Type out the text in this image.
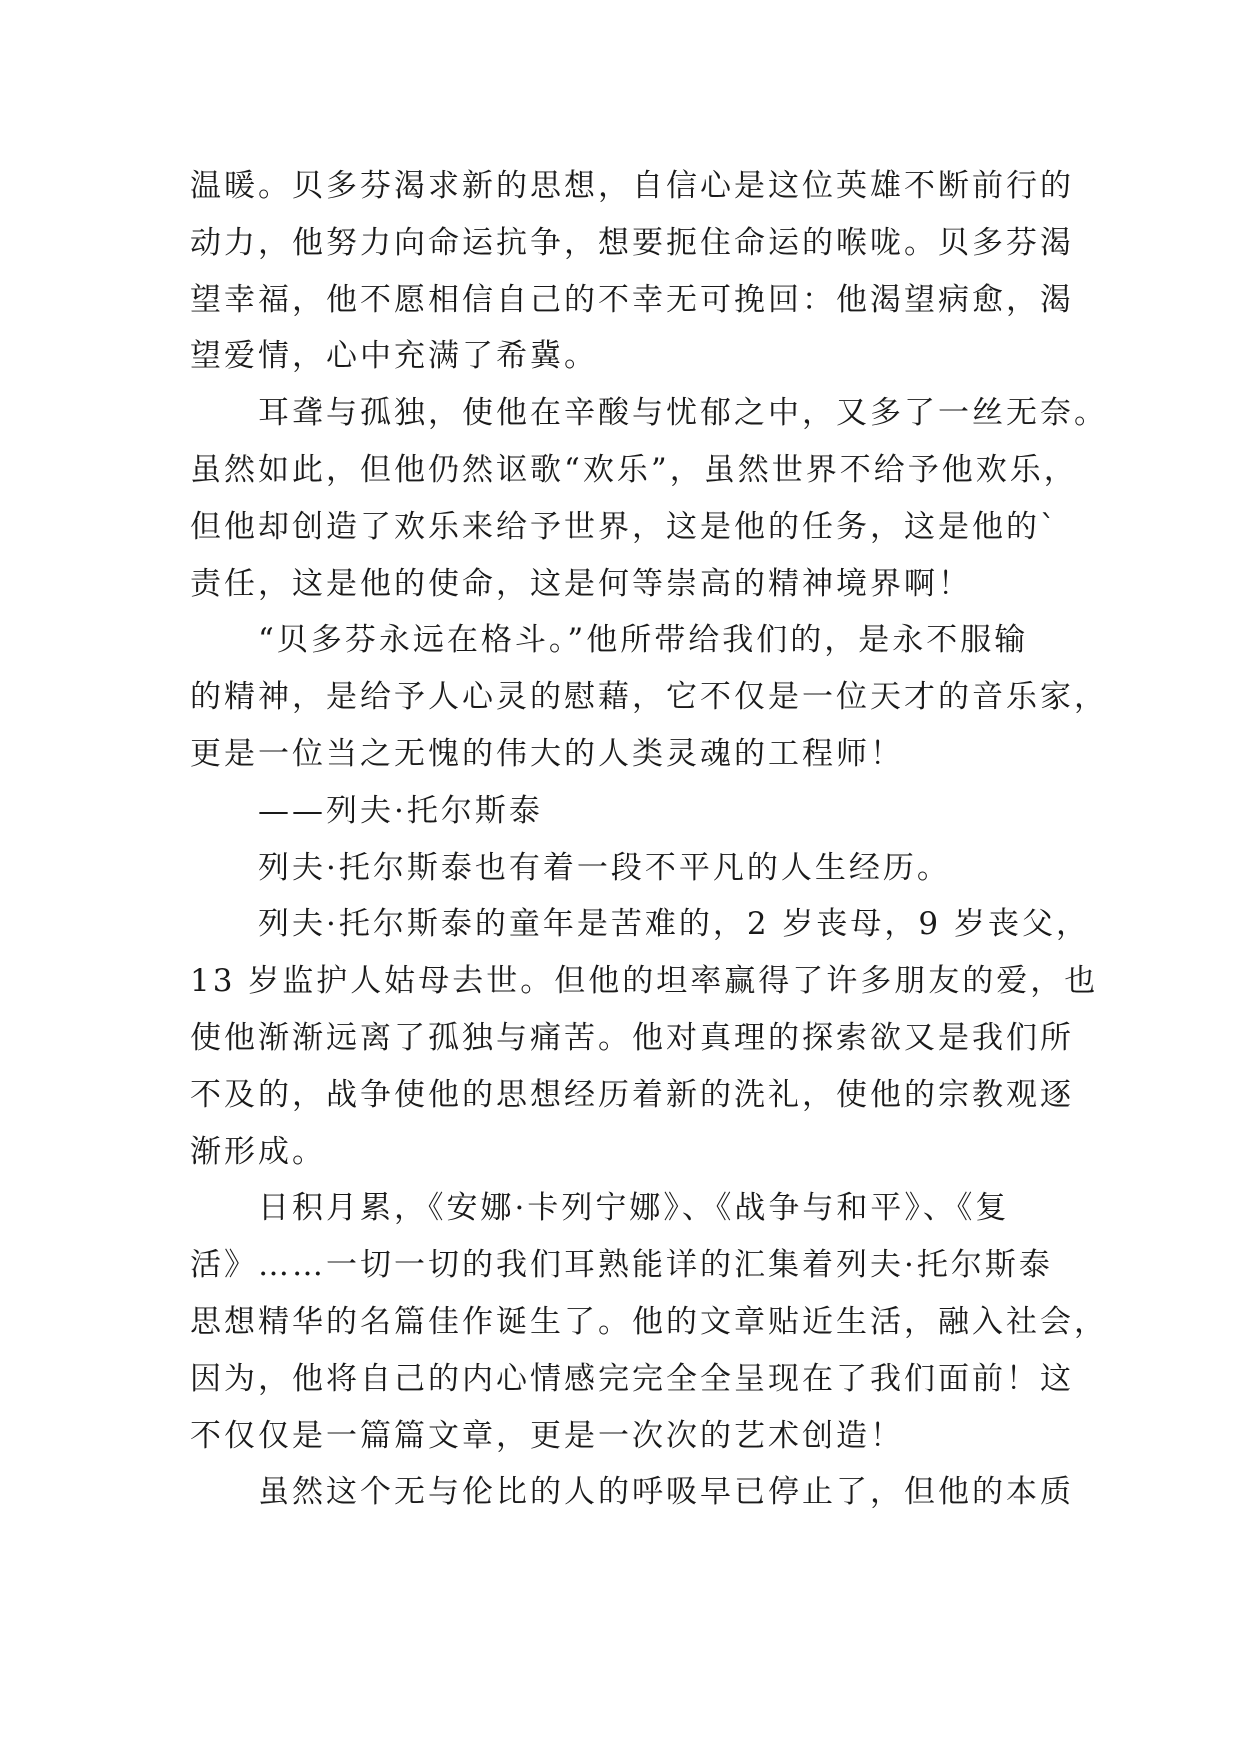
温暖。贝多芬渴求新的思想，自信心是这位英雄不断前行的
动力，他努力向命运抗争，想要扼住命运的喉咙。贝多芬渴
望幸福，他不愿相信自己的不幸无可挽回：他渴望病愈，渴
望爱情，心中充满了希冀。
　　耳聋与孤独，使他在辛酸与忧郁之中，又多了一丝无奈。
虽然如此，但他仍然讴歌“欢乐”，虽然世界不给予他欢乐，
但他却创造了欢乐来给予世界，这是他的任务，这是他的`
责任，这是他的使命，这是何等崇高的精神境界啊！
　　“贝多芬永远在格斗。”他所带给我们的，是永不服输
的精神，是给予人心灵的慰藉，它不仅是一位天才的音乐家，
更是一位当之无愧的伟大的人类灵魂的工程师！
　　——列夫·托尔斯泰
　　列夫·托尔斯泰也有着一段不平凡的人生经历。
　　列夫·托尔斯泰的童年是苦难的，2 岁丧母，9 岁丧父，
13 岁监护人姑母去世。但他的坦率赢得了许多朋友的爱，也
使他渐渐远离了孤独与痛苦。他对真理的探索欲又是我们所
不及的，战争使他的思想经历着新的洗礼，使他的宗教观逐
渐形成。
　　日积月累，《安娜·卡列宁娜》、《战争与和平》、《复
活》……一切一切的我们耳熟能详的汇集着列夫·托尔斯泰
思想精华的名篇佳作诞生了。他的文章贴近生活，融入社会，
因为，他将自己的内心情感完完全全呈现在了我们面前！这
不仅仅是一篇篇文章，更是一次次的艺术创造！
　　虽然这个无与伦比的人的呼吸早已停止了，但他的本质
